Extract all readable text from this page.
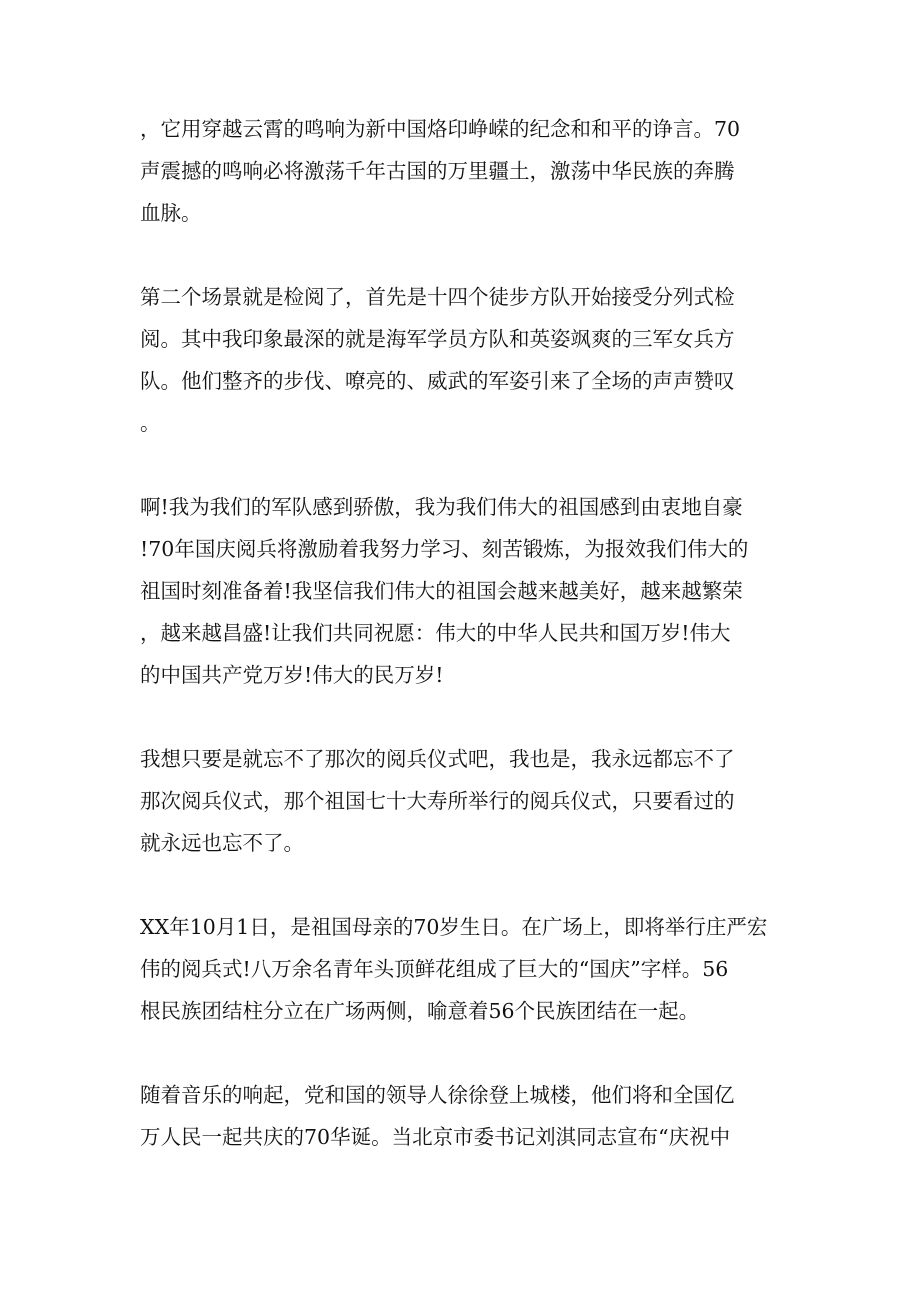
，它用穿越云霄的鸣响为新中国烙印峥嵘的纪念和和平的诤言。70
声震撼的鸣响必将激荡千年古国的万里疆土，激荡中华民族的奔腾
血脉。

第二个场景就是检阅了，首先是十四个徒步方队开始接受分列式检
阅。其中我印象最深的就是海军学员方队和英姿飒爽的三军女兵方
队。他们整齐的步伐、嘹亮的、威武的军姿引来了全场的声声赞叹
。

啊!我为我们的军队感到骄傲，我为我们伟大的祖国感到由衷地自豪
!70年国庆阅兵将激励着我努力学习、刻苦锻炼，为报效我们伟大的
祖国时刻准备着!我坚信我们伟大的祖国会越来越美好，越来越繁荣
，越来越昌盛!让我们共同祝愿：伟大的中华人民共和国万岁!伟大
的中国共产党万岁!伟大的民万岁!

我想只要是就忘不了那次的阅兵仪式吧，我也是，我永远都忘不了
那次阅兵仪式，那个祖国七十大寿所举行的阅兵仪式，只要看过的
就永远也忘不了。

XX年10月1日，是祖国母亲的70岁生日。在广场上，即将举行庄严宏
伟的阅兵式!八万余名青年头顶鲜花组成了巨大的“国庆”字样。56
根民族团结柱分立在广场两侧，喻意着56个民族团结在一起。

随着音乐的响起，党和国的领导人徐徐登上城楼，他们将和全国亿
万人民一起共庆的70华诞。当北京市委书记刘淇同志宣布“庆祝中
